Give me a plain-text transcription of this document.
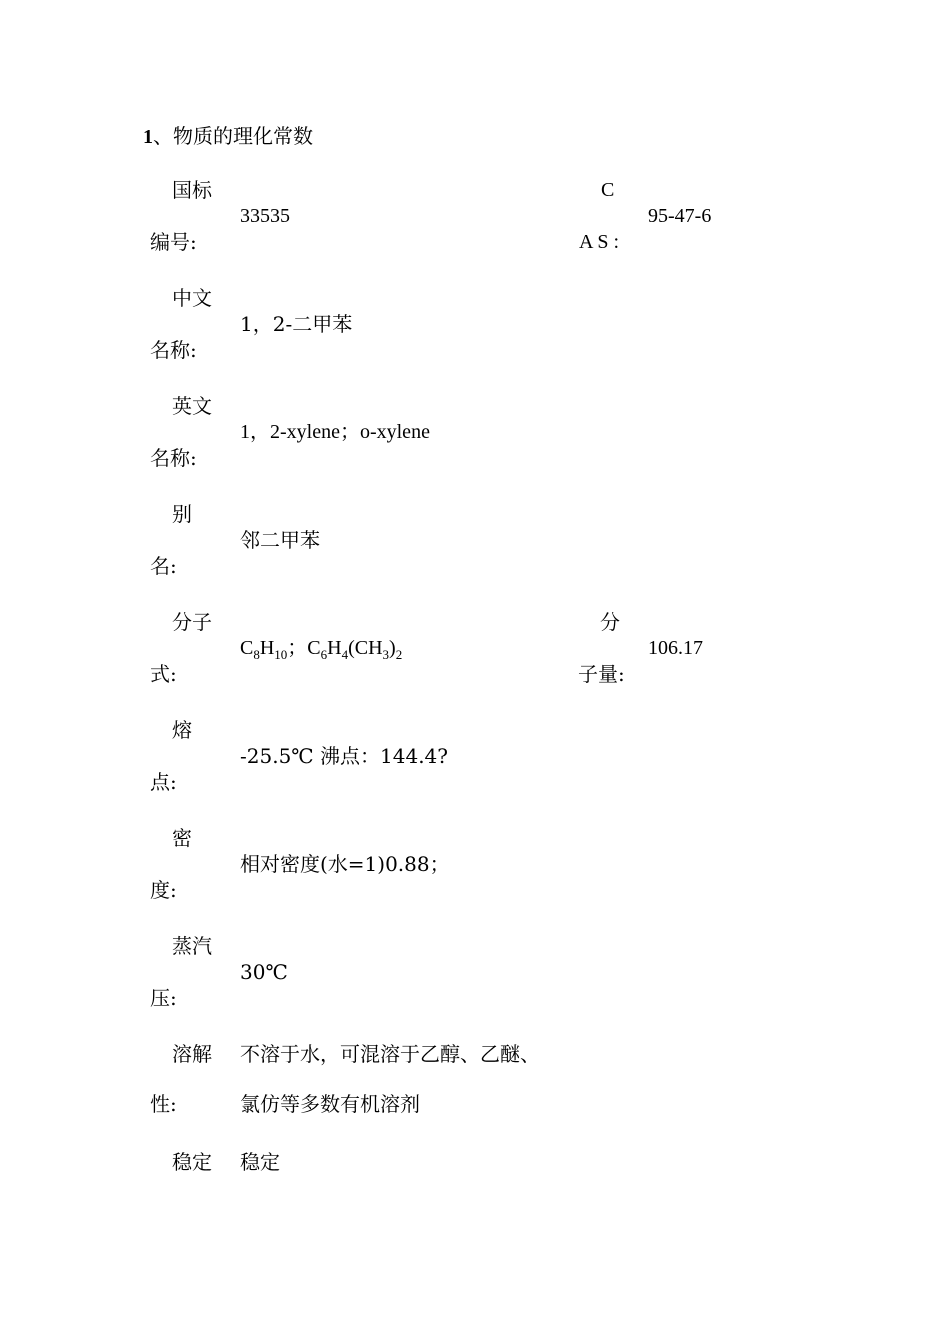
1、物质的理化常数
国标
编号:
33535
C
A S :
95-47-6
中文
名称:
1，2-二甲苯
英文
名称:
1，2-xylene；o-xylene
别
名:
邻二甲苯
分子
式:
$C_8H_{10}$；$C_6H_4(CH_3)_2$
分
子量:
106.17
熔
点:
-25.5℃ 沸点：144.4?
密
度:
相对密度(水=1)0.88；
蒸汽
压:
30℃
溶解
性:
不溶于水，可混溶于乙醇、乙醚、
氯仿等多数有机溶剂
稳定 稳定
